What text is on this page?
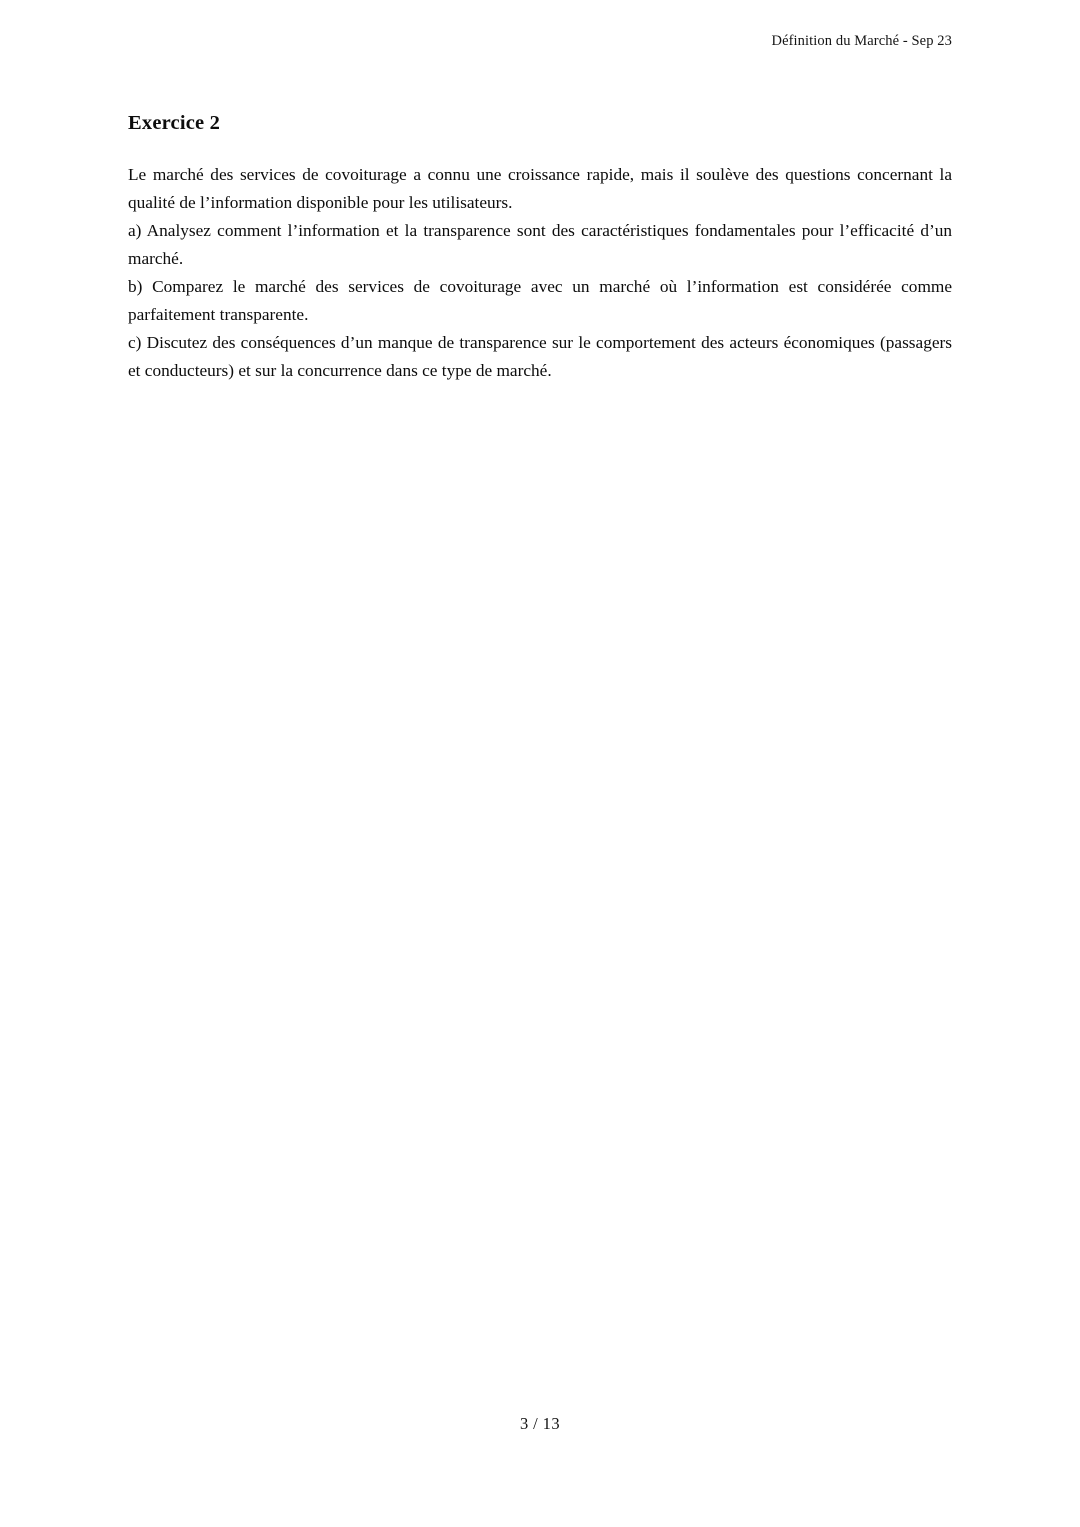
Définition du Marché - Sep 23
Exercice 2

Le marché des services de covoiturage a connu une croissance rapide, mais il soulève des questions concernant la qualité de l’information disponible pour les utilisateurs.

a) Analysez comment l’information et la transparence sont des caractéristiques fondamentales pour l’efficacité d’un marché.

b) Comparez le marché des services de covoiturage avec un marché où l’information est considérée comme parfaitement transparente.

c) Discutez des conséquences d’un manque de transparence sur le comportement des acteurs économiques (passagers et conducteurs) et sur la concurrence dans ce type de marché.

3 / 13
